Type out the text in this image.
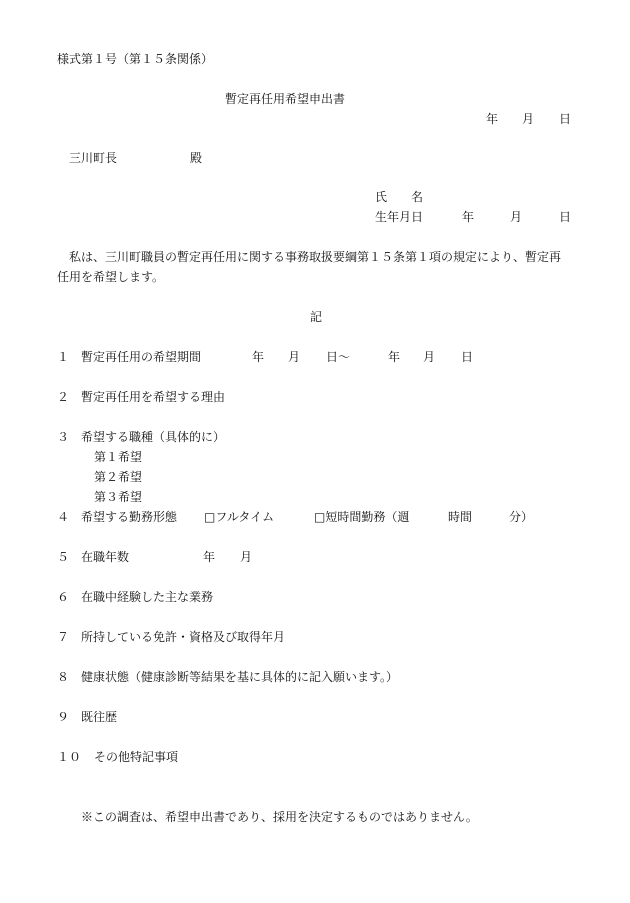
様式第１号（第１５条関係）
暫定再任用希望申出書
年 月 日
三川町長	殿
氏　　名
生年月日	年	月	日
私は、三川町職員の暫定再任用に関する事務取扱要綱第１５条第１項の規定により、暫定再
任用を希望します。
記
１ 暫定再任用の希望期間	年 月 日～	年 月 日
２ 暫定再任用を希望する理由
３ 希望する職種（具体的に）
第１希望
第２希望
第３希望
４ 希望する勤務形態 □フルタイム	□短時間勤務（週	時間	分）
５ 在職年数	年 月
６ 在職中経験した主な業務
７ 所持している免許・資格及び取得年月
８ 健康状態（健康診断等結果を基に具体的に記入願います。）
９ 既往歴
１０ その他特記事項
※この調査は、希望申出書であり、採用を決定するものではありません。
